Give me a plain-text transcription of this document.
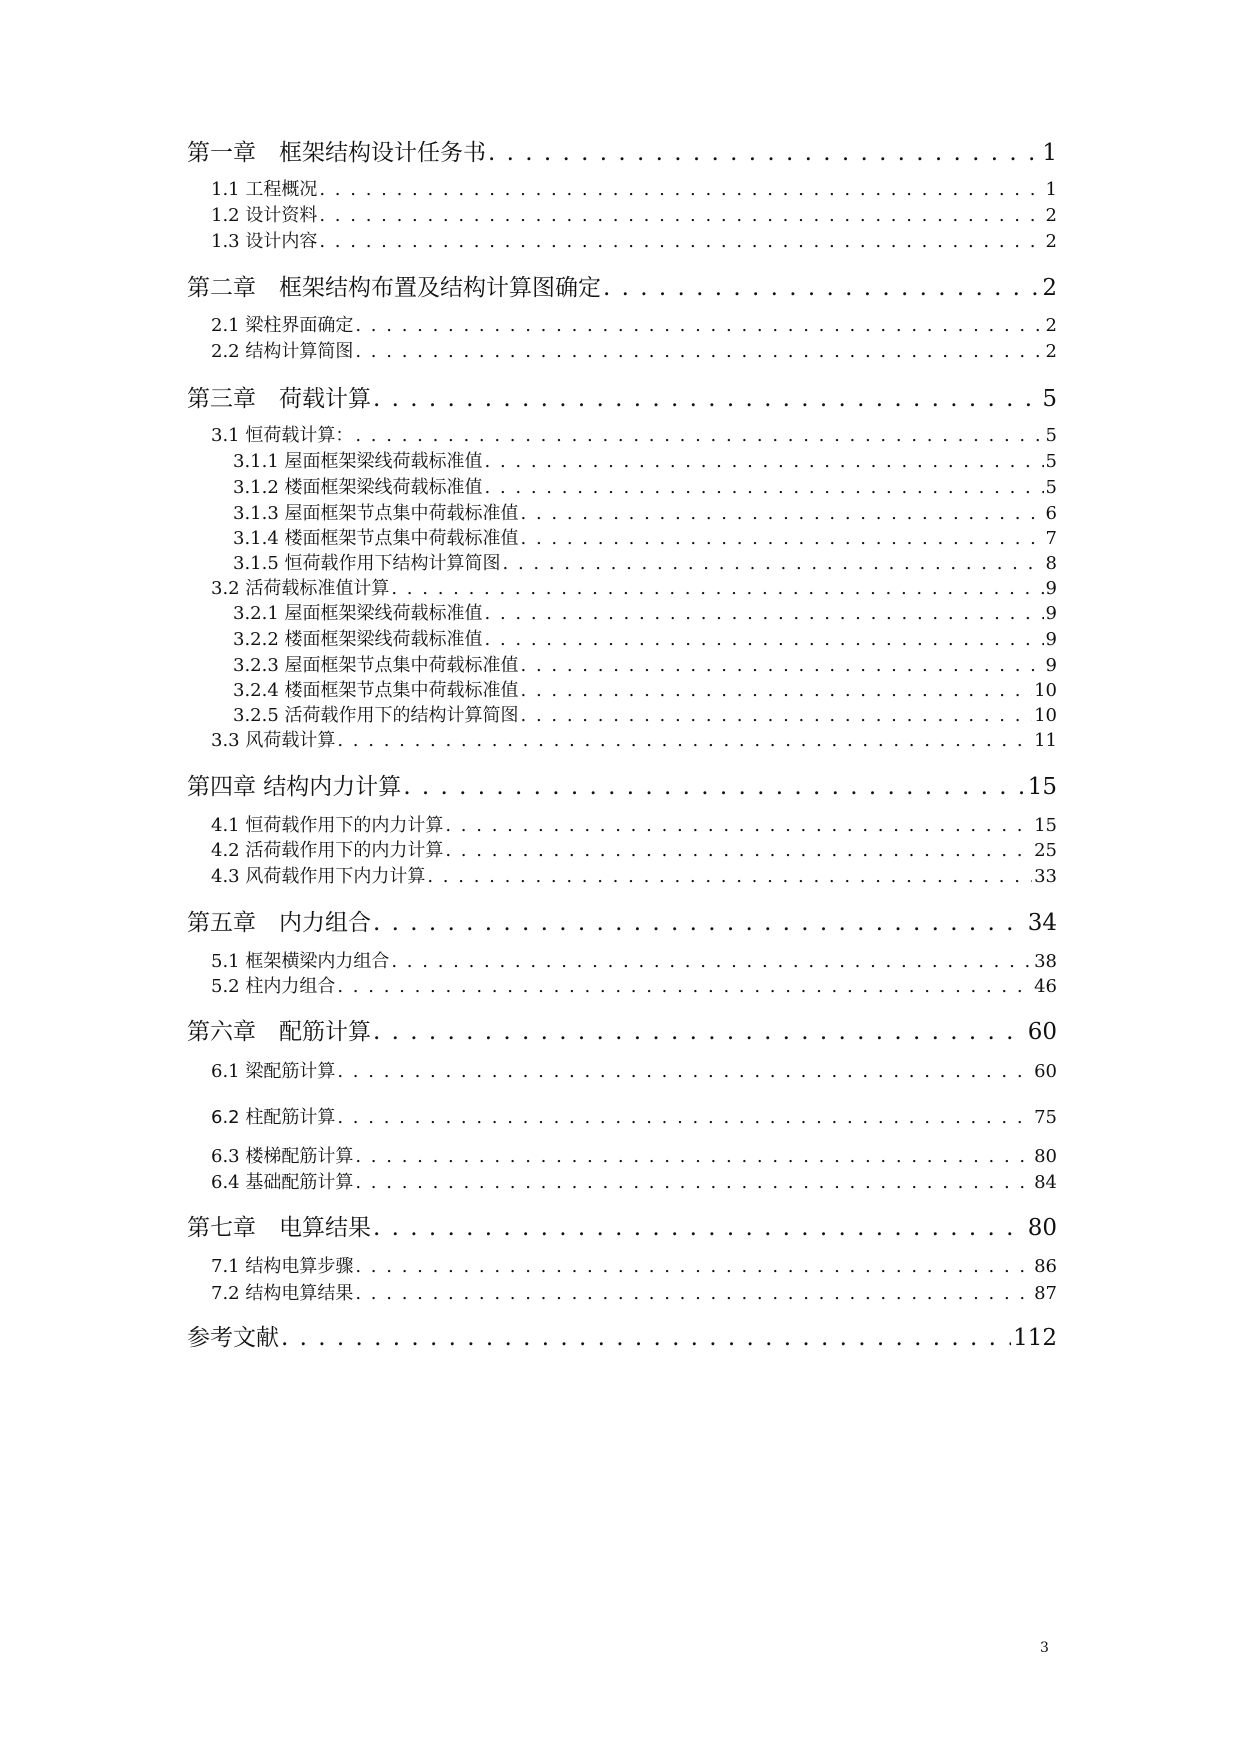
第一章　框架结构设计任务书 . . .	1
1.1 工程概况 . . .	1
1.2 设计资料 . . .	2
1.3 设计内容 . . .	2
第二章　框架结构布置及结构计算图确定 . . .	2
2.1 梁柱界面确定 . . .	2
2.2 结构计算简图 . . .	2
第三章　荷载计算 . . .	5
3.1 恒荷载计算： . . .	5
3.1.1 屋面框架梁线荷载标准值 . . .	5
3.1.2 楼面框架梁线荷载标准值 . . .	5
3.1.3 屋面框架节点集中荷载标准值 . . .	6
3.1.4 楼面框架节点集中荷载标准值 . . .	7
3.1.5 恒荷载作用下结构计算简图 . . .	8
3.2 活荷载标准值计算 . . .	9
3.2.1 屋面框架梁线荷载标准值 . . .	9
3.2.2 楼面框架梁线荷载标准值 . . .	9
3.2.3 屋面框架节点集中荷载标准值 . . .	9
3.2.4 楼面框架节点集中荷载标准值 . . .	10
3.2.5 活荷载作用下的结构计算简图 . . .	10
3.3 风荷载计算 . . .	11
第四章 结构内力计算 . . .	15
4.1 恒荷载作用下的内力计算 . . .	15
4.2 活荷载作用下的内力计算 . . .	25
4.3 风荷载作用下内力计算 . . .	33
第五章　内力组合 . . .	34
5.1 框架横梁内力组合 . . .	38
5.2 柱内力组合 . . .	46
第六章　配筋计算 . . .	60
6.1 梁配筋计算 . . .	60
6.2 柱配筋计算 . . .	75
6.3 楼梯配筋计算 . . .	80
6.4 基础配筋计算 . . .	84
第七章　电算结果 . . .	80
7.1 结构电算步骤 . . .	86
7.2 结构电算结果 . . .	87
参考文献 . . .	112
3
